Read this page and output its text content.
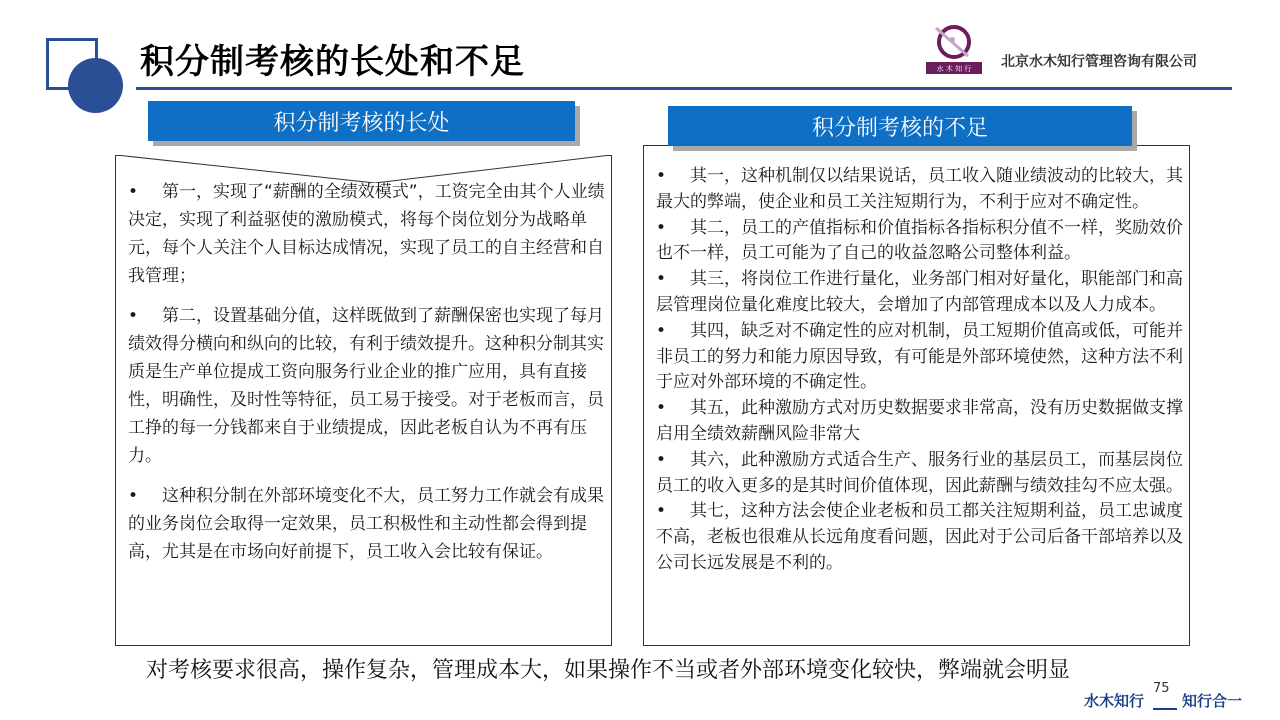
积分制考核的长处和不足	水 木 知 行 北京水木知行管理咨询有限公司

• 第一，实现了“薪酬的全绩效模式”，工资完全由其个人业绩决定，实现了利益驱使的激励模式，将每个岗位划分为战略单元，每个人关注个人目标达成情况，实现了员工的自主经营和自我管理；

• 第二，设置基础分值，这样既做到了薪酬保密也实现了每月绩效得分横向和纵向的比较，有利于绩效提升。这种积分制其实质是生产单位提成工资向服务行业企业的推广应用，具有直接性，明确性，及时性等特征，员工易于接受。对于老板而言，员工挣的每一分钱都来自于业绩提成，因此老板自认为不再有压力。

• 这种积分制在外部环境变化不大，员工努力工作就会有成果的业务岗位会取得一定效果，员工积极性和主动性都会得到提高，尤其是在市场向好前提下，员工收入会比较有保证。

积分制考核的长处

• 其一，这种机制仅以结果说话，员工收入随业绩波动的比较大，其最大的弊端，使企业和员工关注短期行为，不利于应对不确定性。

• 其二，员工的产值指标和价值指标各指标积分值不一样，奖励效价也不一样，员工可能为了自己的收益忽略公司整体利益。

• 其三，将岗位工作进行量化，业务部门相对好量化，职能部门和高层管理岗位量化难度比较大，会增加了内部管理成本以及人力成本。

• 其四，缺乏对不确定性的应对机制，员工短期价值高或低，可能并非员工的努力和能力原因导致，有可能是外部环境使然，这种方法不利于应对外部环境的不确定性。

• 其五，此种激励方式对历史数据要求非常高，没有历史数据做支撑启用全绩效薪酬风险非常大

• 其六，此种激励方式适合生产、服务行业的基层员工，而基层岗位员工的收入更多的是其时间价值体现，因此薪酬与绩效挂勾不应太强。

• 其七，这种方法会使企业老板和员工都关注短期利益，员工忠诚度不高，老板也很难从长远角度看问题，因此对于公司后备干部培养以及公司长远发展是不利的。

积分制考核的不足
对考核要求很高，操作复杂，管理成本大，如果操作不当或者外部环境变化较快，弊端就会明显
75
水木知行	知行合一
